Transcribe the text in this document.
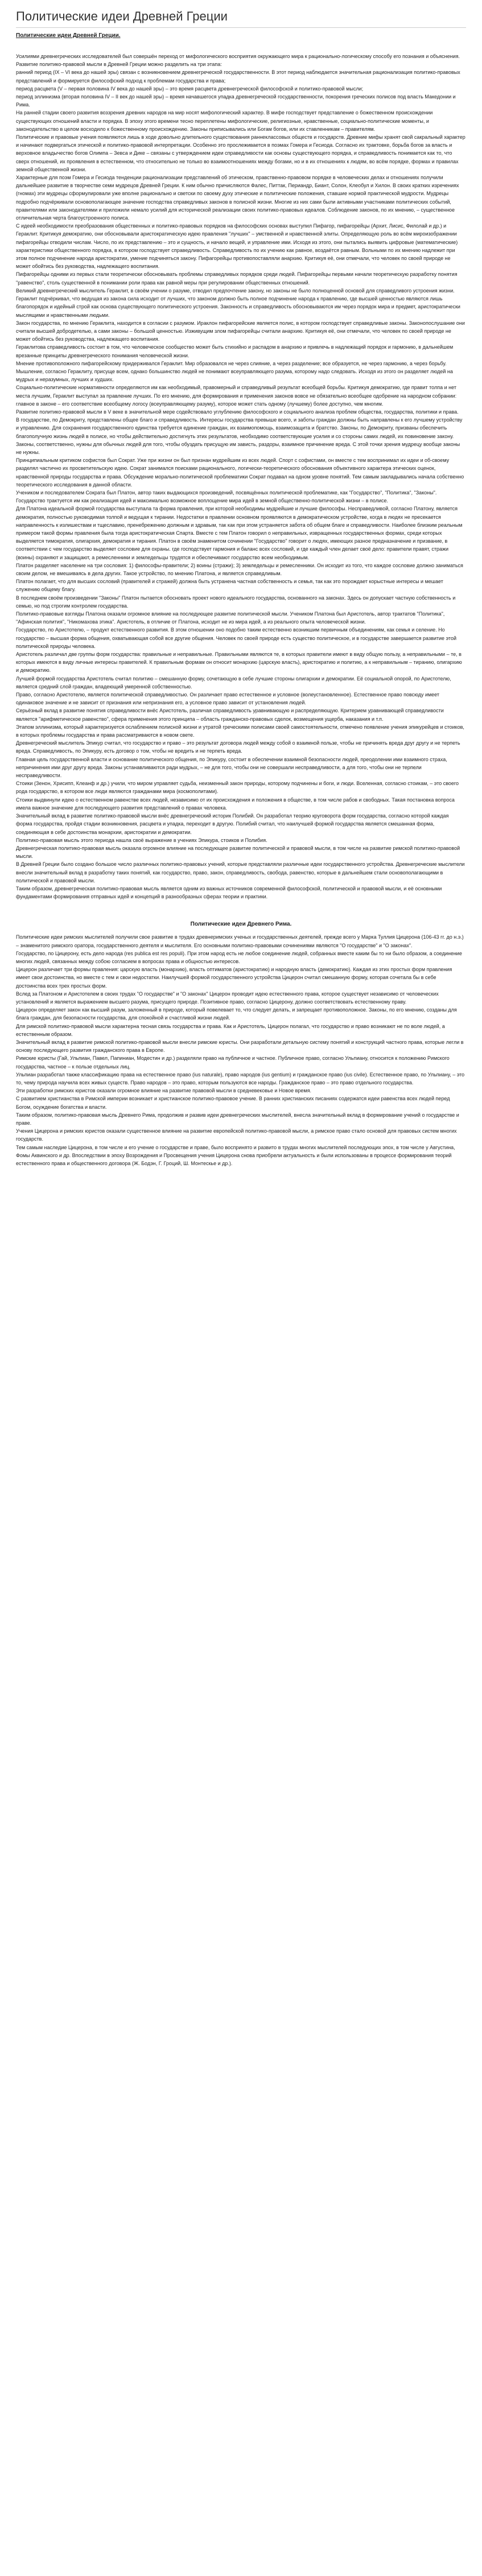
Политические идеи Древней Греции
Политические идеи Древней Греции.

Усилиями древнегреческих исследователей был совершён переход от мифологического восприятия окружающего мира к рационально-логическому способу его познания и объяснения.

Развитие политико-правовой мысли в Древней Греции можно разделить на три этапа:

ранний период (IX – VI века до нашей эры) связан с возникновением древнегреческой государственности. В этот период наблюдается значительная рационализация политико-правовых представлений и формируется философский подход к проблемам государства и права;

период расцвета (V – первая половина IV века до нашей эры) – это время расцвета древнегреческой философской и политико-правовой мысли;

период эллинизма (вторая половина IV – II век до нашей эры) – время начавшегося упадка древнегреческой государственности, покорения греческих полисов под власть Македонии и Рима.

На ранней стадии своего развития воззрения древних народов на мир носят мифологический характер. В мифе господствует представление о божественном происхождении существующих отношений власти и порядка. В эпоху этого времени тесно переплетены мифологические, религиозные, нравственные, социально-политические моменты, и законодательство в целом восходило к божественному происхождению. Законы приписывались или Богам богов, или их ставленникам – правителям.

Политические и правовые учения появляются лишь в ходе довольно длительного существования раннеклассовых обществ и государств. Древние мифы хранят свой сакральный характер и начинают подвергаться этической и политико-правовой интерпретации. Особенно это прослеживается в поэмах Гомера и Гесиода. Согласно их трактовке, борьба богов за власть и верховное владычество богов Олимпа – Зевса и Дике – связаны с утверждением идеи справедливости как основы существующего порядка, и справедливость понимается как то, что сверх отношений, их проявления в естественном, что относительно не только во взаимоотношениях между богами, но и в их отношениях к людям, во всём порядке, формах и правилах земной общественной жизни.

Характерные для поэм Гомера и Гесиода тенденции рационализации представлений об этическом, правственно-правовом порядке в человеческих делах и отношениях получили дальнейшее развитие в творчестве семи мудрецов Древней Греции. К ним обычно причисляются Фалес, Питтак, Периандр, Биант, Солон, Клеобул и Хилон. В своих кратких изречениях (гномах) эти мудрецы сформулировали уже вполне рационально и светски по своему духу этические и политические положения, ставшие нормой практической мудрости. Мудрецы подробно подчёркивали основополагающее значение господства справедливых законов в полисной жизни. Многие из них сами были активными участниками политических событий, правителями или законодателями и приложили немало усилий для исторической реализации своих политико-правовых идеалов. Соблюдение законов, по их мнению, – существенное отличительная черта благоустроенного полиса.

С идеей необходимости преобразования общественных и политико-правовых порядков на философских основах выступил Пифагор, пифагорейцы (Архит, Лисис, Филолай и др.) и Гераклит. Критикуя демократию, они обосновывали аристократическую идею правления "лучших" – умственной и нравственной элиты. Определяющую роль во всём мироизображении пифагорейцы отводили числам. Число, по их представлению – это и сущность, и начало вещей, и управление ими. Исходя из этого, они пытались выявить цифровые (математические) характеристики общественного порядка, в котором господствует справедливость. Справедливость по их учению как равное, воздаётся равным. Вольными по их мнению надлежит при этом полное подчинение народа аристократии, умение подчиняться закону. Пифагорейцы противопоставляли анархию. Критикуя её, они отмечали, что человек по своей природе не может обойтись без руководства, надлежащего воспитания.

Пифагорейцы одними из первых стали теоретически обосновывать проблемы справедливых порядков среди людей. Пифагорейцы первыми начали теоретическую разработку понятия "равенство", столь существенной в понимании роли права как равной меры при регулировании общественных отношений.

Великий древнегреческий мыслитель Гераклит, в своём учении о разуме, отводил предпочтение закону, но законы не было полноценной основой для справедливого устроения жизни. Гераклит подчёркивал, что ведущая из закона сила исходит от лучших, что законом должно быть полное подчинение народа к правлению, где высшей ценностью являются лишь благопорядок и идейный строй как основа существующего политического устроения. Законность и справедливость обосновываются им через порядок мира и предмет, аристократически мыслящими и нравственными людьми.

Закон государства, по мнению Гераклита, находится в согласии с разумом. Ираклон пифагорейские является полис, в котором господствует справедливые законы. Законопослушание они считали высшей добродетелью, а сами законы – большой ценностью. Изживущим злом пифагорейцы считали анархию. Критикуя её, они отмечали, что человек по своей природе не может обойтись без руководства, надлежащего воспитания.

Гераклитова справедливость состоит в том, что человеческое сообщество может быть стихийно и распадом в анархию и привлечь в надлежащий порядок и гармонию, в дальнейшем врезанные принципы древнегреческого понимания человеческой жизни.

Мнение противоположного пифагорейскому придерживался Гераклит. Мир образовался не через слияние, а через разделение; все образуется, не через гармонию, а через борьбу. Мышление, согласно Гераклиту, присуще всем, однако большинство людей не понимают всеуправляющего разума, которому надо следовать. Исходя из этого он разделяет людей на мудрых и неразумных, лучших и худших.

Социально-политические нормативности определяются им как необходимый, правомерный и справедливый результат всеобщей борьбы. Критикуя демократию, где правит толпа и нет места лучшим, Гераклит выступал за правление лучших. По его мнению, для формирования и применения законов вовсе не обязательно всеобщее одобрение на народном собрании: главное в законе – его соответствие всеобщему логосу (всеуправляющему разуму), которое может стать одному (лучшему) более доступно, чем многим.

Развитие политико-правовой мысли в V веке в значительной мере содействовало углублению философского и социального анализа проблем общества, государства, политики и права.

В государстве, по Демокриту, представлены общее благо и справедливость. Интересы государства превыше всего, и заботы граждан должны быть направлены к его лучшему устройству и управлению. Для сохранения государственного единства требуется единение граждан, их взаимопомощь, взаимозащита и братство. Законы, по Демокриту, призваны обеспечить благополучную жизнь людей в полисе, но чтобы действительно достигнуть этих результатов, необходимо соответствующие усилия и со стороны самих людей, их повиновение закону. Законы, соответственно, нужны для обычных людей для того, чтобы обуздать присущую им зависть, раздоры, взаимное причинение вреда. С этой точки зрения мудрецу вообще законы не нужны.

Принципиальным критиком софистов был Сократ. Уже при жизни он был признан мудрейшим из всех людей. Спорт с софистами, он вместе с тем воспринимал их идеи и об-своему разделял частично их просветительскую идею. Сократ занимался поисками рационального, логически-теоретического обоснования объективного характера этических оценок, нравственной природы государства и права. Обсуждение морально-политической проблематики Сократ подавал на одном уровне понятий. Тем самым закладывались начала собственно теоретического исследования в данной области.

Учеником и последователем Сократа был Платон, автор таких выдающихся произведений, посвящённых политической проблематике, как "Государство", "Политика", "Законы". Государство трактуется им как реализация идей и максимально возможное воплощение мира идей в земной общественно-политической жизни – в полисе.

Для Платона идеальной формой государства выступала та форма правления, при которой необходимы мудрейшие и лучшие философы. Несправедливой, согласно Платону, является демократия, полностью руководимая толпой и ведущая к тирании. Недостатки в правлении основном проявляются в демократическом устройстве, когда в людях не пресекается направленность к излишествам и тщеславию, пренебрежению должным и здравым, так как при этом устраняется забота об общем благе и справедливости. Наиболее близким реальным примером такой формы правления была тогда аристократическая Спарта. Вместе с тем Платон говорил о неправильных, извращенных государственных формах, среди которых выделяется тимократия, олигархия, демократия и тирания. Платон в своём знаменитом сочинении "Государство" говорит о людях, имеющих разное предназначение и призвание, в соответствии с чем государство выделяет сословие для охраны. где господствует гармония и баланс всех сословий, и где каждый член делает своё дело: правители правят, стражи (воины) охраняют и защищают, а ремесленники и земледельцы трудятся и обеспечивают государство всем необходимым.

Платон разделяет население на три сословия: 1) философы-правители; 2) воины (стражи); 3) земледельцы и ремесленники. Он исходит из того, что каждое сословие должно заниматься своим делом, не вмешиваясь в дела других. Такое устройство, по мнению Платона, и является справедливым.

Платон полагает, что для высших сословий (правителей и стражей) должна быть устранена частная собственность и семья, так как это порождает корыстные интересы и мешает служению общему благу.

В последнем своём произведении "Законы" Платон пытается обосновать проект нового идеального государства, основанного на законах. Здесь он допускает частную собственность и семью, но под строгим контролем государства.

Политико-правовые взгляды Платона оказали огромное влияние на последующее развитие политической мысли. Учеником Платона был Аристотель, автор трактатов "Политика", "Афинская полития", "Никомахова этика". Аристотель, в отличие от Платона, исходит не из мира идей, а из реального опыта человеческой жизни.

Государство, по Аристотелю, – продукт естественного развития. В этом отношении оно подобно таким естественно возникшим первичным объединениям, как семья и селение. Но государство – высшая форма общения, охватывающая собой все другие общения. Человек по своей природе есть существо политическое, и в государстве завершается развитие этой политической природы человека.

Аристотель различал две группы форм государства: правильные и неправильные. Правильными являются те, в которых правители имеют в виду общую пользу, а неправильными – те, в которых имеются в виду личные интересы правителей. К правильным формам он относит монархию (царскую власть), аристократию и политию, а к неправильным – тиранию, олигархию и демократию.

Лучшей формой государства Аристотель считал политию – смешанную форму, сочетающую в себе лучшие стороны олигархии и демократии. Её социальной опорой, по Аристотелю, является средний слой граждан, владеющий умеренной собственностью.

Право, согласно Аристотелю, является политической справедливостью. Он различает право естественное и условное (волеустановленное). Естественное право повсюду имеет одинаковое значение и не зависит от признания или непризнания его, а условное право зависит от установления людей.

Серьёзный вклад в развитие понятия справедливости внёс Аристотель, различая справедливость уравнивающую и распределяющую. Критерием уравнивающей справедливости является "арифметическое равенство", сфера применения этого принципа – область гражданско-правовых сделок, возмещения ущерба, наказания и т.п.

Этапом эллинизма, который характеризуется ослаблением полисной жизни и утратой греческими полисами своей самостоятельности, отмечено появление учения эпикурейцев и стоиков, в которых проблемы государства и права рассматриваются в новом свете.

Древнегреческий мыслитель Эпикур считал, что государство и право – это результат договора людей между собой о взаимной пользе, чтобы не причинять вреда друг другу и не терпеть вреда. Справедливость, по Эпикуру, есть договор о том, чтобы не вредить и не терпеть вреда.

Главная цель государственной власти и основание политического общения, по Эпикуру, состоит в обеспечении взаимной безопасности людей, преодолении ими взаимного страха, непричинения ими друг другу вреда. Законы устанавливаются ради мудрых, – не для того, чтобы они не совершали несправедливости, а для того, чтобы они не терпели несправедливости.

Стоики (Зенон, Хрисипп, Клеанф и др.) учили, что миром управляет судьба, неизменный закон природы, которому подчинены и боги, и люди. Вселенная, согласно стоикам, – это своего рода государство, в котором все люди являются гражданами мира (космополитами).

Стоики выдвинули идею о естественном равенстве всех людей, независимо от их происхождения и положения в обществе, в том числе рабов и свободных. Такая постановка вопроса имела важное значение для последующего развития представлений о правах человека.

Значительный вклад в развитие политико-правовой мысли внёс древнегреческий историк Полибий. Он разработал теорию круговорота форм государства, согласно которой каждая форма государства, пройдя стадии возникновения, расцвета и упадка, переходит в другую. Полибий считал, что наилучшей формой государства является смешанная форма, соединяющая в себе достоинства монархии, аристократии и демократии.

Политико-правовая мысль этого периода нашла своё выражение в учениях Эпикура, стоиков и Полибия.

Древнегреческая политико-правовая мысль оказала огромное влияние на последующее развитие политической и правовой мысли, в том числе на развитие римской политико-правовой мысли.

В Древней Греции было создано большое число различных политико-правовых учений, которые представляли различные идеи государственного устройства. Древнегреческие мыслители внесли значительный вклад в разработку таких понятий, как государство, право, закон, справедливость, свобода, равенство, которые в дальнейшем стали основополагающими в политической и правовой мысли.

Таким образом, древнегреческая политико-правовая мысль является одним из важных источников современной философской, политической и правовой мысли, и её основными фундаментами формирования отправных идей и концепций в разнообразных сферах теории и практики.

Политические идеи Древнего Рима.

Политические идеи римских мыслителей получили свое развитие в трудах древнеримских ученых и государственных деятелей, прежде всего у Марка Туллия Цицерона (106-43 гг. до н.э.) – знаменитого римского оратора, государственного деятеля и мыслителя. Его основными политико-правовыми сочинениями являются "О государстве" и "О законах".

Государство, по Цицерону, есть дело народа (res publica est res populi). При этом народ есть не любое соединение людей, собранных вместе каким бы то ни было образом, а соединение многих людей, связанных между собою согласием в вопросах права и общностью интересов.

Цицерон различает три формы правления: царскую власть (монархию), власть оптиматов (аристократию) и народную власть (демократию). Каждая из этих простых форм правления имеет свои достоинства, но вместе с тем и свои недостатки. Наилучшей формой государственного устройства Цицерон считал смешанную форму, которая сочетала бы в себе достоинства всех трех простых форм.

Вслед за Платоном и Аристотелем в своих трудах "О государстве" и "О законах" Цицерон проводит идею естественного права, которое существует независимо от человеческих установлений и является выражением высшего разума, присущего природе. Позитивное право, согласно Цицерону, должно соответствовать естественному праву.

Цицерон определяет закон как высший разум, заложенный в природе, который повелевает то, что следует делать, и запрещает противоположное. Законы, по его мнению, созданы для блага граждан, для безопасности государства, для спокойной и счастливой жизни людей.

Для римской политико-правовой мысли характерна тесная связь государства и права. Как и Аристотель, Цицерон полагал, что государство и право возникают не по воле людей, а естественным образом.

Значительный вклад в развитие римской политико-правовой мысли внесли римские юристы. Они разработали детальную систему понятий и конструкций частного права, которые легли в основу последующего развития гражданского права в Европе.

Римские юристы (Гай, Ульпиан, Павел, Папиниан, Модестин и др.) разделяли право на публичное и частное. Публичное право, согласно Ульпиану, относится к положению Римского государства, частное – к пользе отдельных лиц.

Ульпиан разработал также классификацию права на естественное право (ius naturale), право народов (ius gentium) и гражданское право (ius civile). Естественное право, по Ульпиану, – это то, чему природа научила всех живых существ. Право народов – это право, которым пользуются все народы. Гражданское право – это право отдельного государства.

Эти разработки римских юристов оказали огромное влияние на развитие правовой мысли в средневековье и Новое время.

С развитием христианства в Римской империи возникает и христианское политико-правовое учение. В ранних христианских писаниях содержатся идеи равенства всех людей перед Богом, осуждение богатства и власти.

Таким образом, политико-правовая мысль Древнего Рима, продолжив и развив идеи древнегреческих мыслителей, внесла значительный вклад в формирование учений о государстве и праве.

Учения Цицерона и римских юристов оказали существенное влияние на развитие европейской политико-правовой мысли, а римское право стало основой для правовых систем многих государств.

Тем самым наследие Цицерона, в том числе и его учение о государстве и праве, было воспринято и развито в трудах многих мыслителей последующих эпох, в том числе у Августина, Фомы Аквинского и др. Впоследствии в эпоху Возрождения и Просвещения учения Цицерона снова приобрели актуальность и были использованы в процессе формирования теорий естественного права и общественного договора (Ж. Бодэн, Г. Гроций, Ш. Монтескье и др.).
